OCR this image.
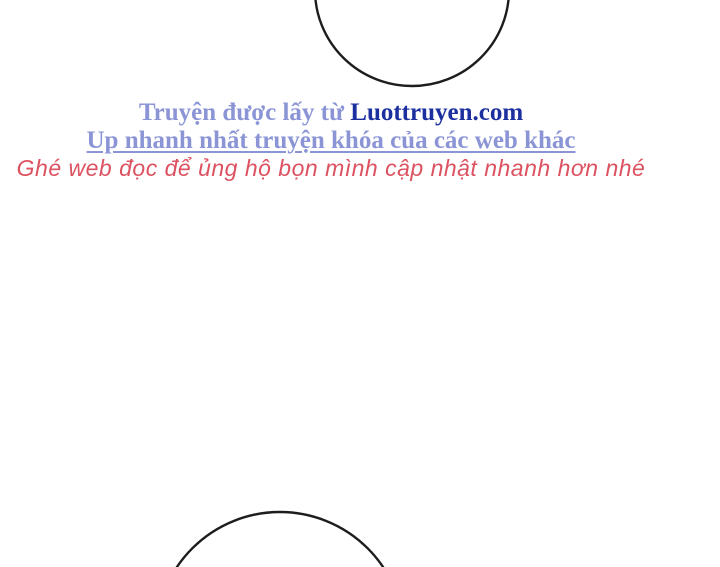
Truyện được lấy từ Luottruyen.com
Up nhanh nhất truyện khóa của các web khác
Ghé web đọc để ủng hộ bọn mình cập nhật nhanh hơn nhé
